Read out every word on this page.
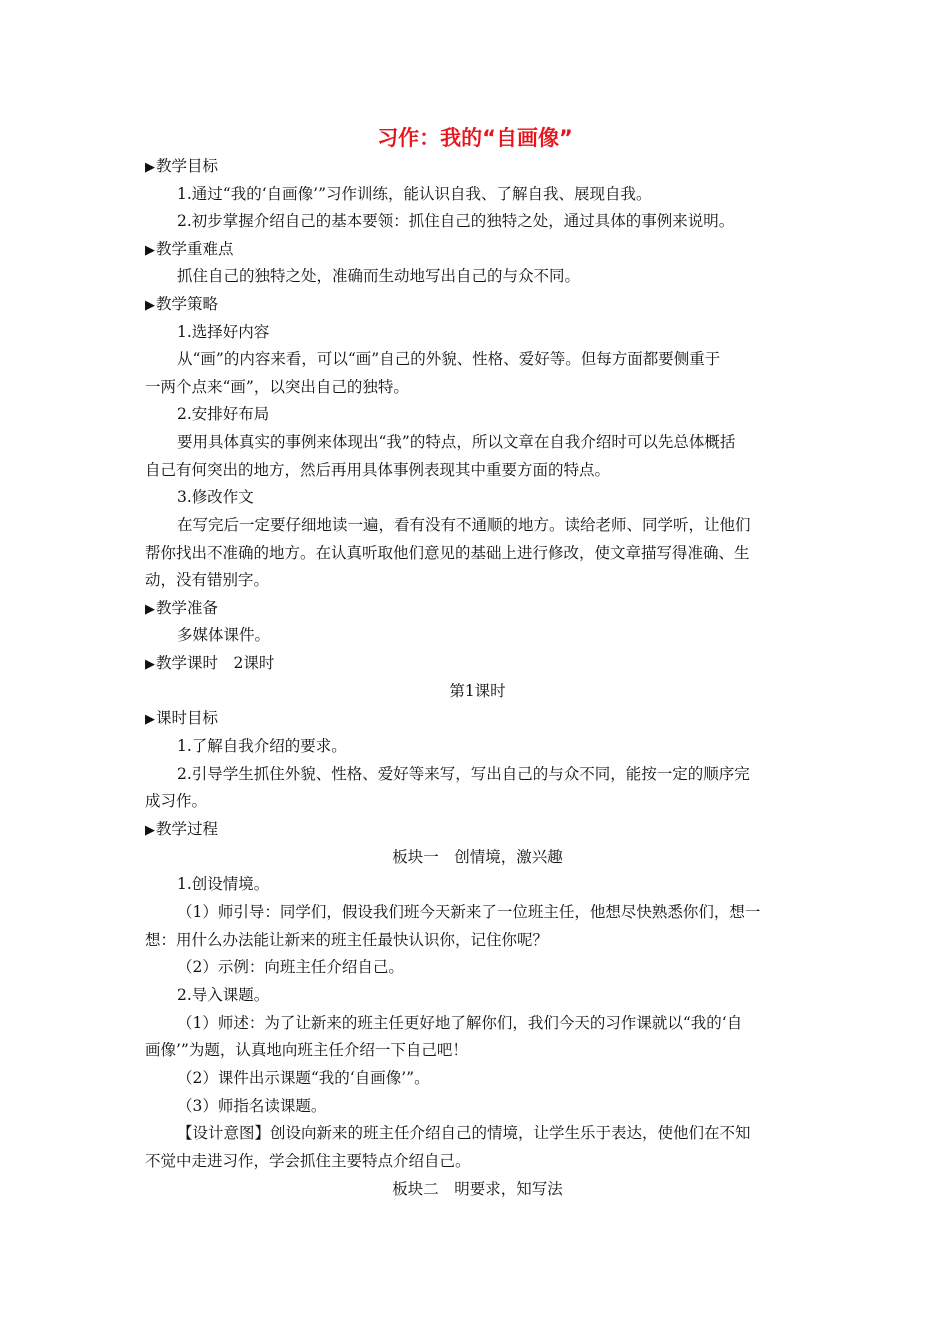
习作：我的“自画像”
▶ 教学目标
1.通过“我的‘自画像’”习作训练，能认识自我、了解自我、展现自我。
2.初步掌握介绍自己的基本要领：抓住自己的独特之处，通过具体的事例来说明。
▶ 教学重难点
抓住自己的独特之处，准确而生动地写出自己的与众不同。
▶ 教学策略
1.选择好内容
从“画”的内容来看，可以“画”自己的外貌、性格、爱好等。但每方面都要侧重于
一两个点来“画”，以突出自己的独特。
2.安排好布局
要用具体真实的事例来体现出“我”的特点，所以文章在自我介绍时可以先总体概括
自己有何突出的地方，然后再用具体事例表现其中重要方面的特点。
3.修改作文
在写完后一定要仔细地读一遍，看有没有不通顺的地方。读给老师、同学听，让他们
帮你找出不准确的地方。在认真听取他们意见的基础上进行修改，使文章描写得准确、生
动，没有错别字。
▶ 教学准备
多媒体课件。
▶ 教学课时　2课时
第1课时
▶ 课时目标
1.了解自我介绍的要求。
2.引导学生抓住外貌、性格、爱好等来写，写出自己的与众不同，能按一定的顺序完
成习作。
▶ 教学过程
板块一　创情境，激兴趣
1.创设情境。
（1）师引导：同学们，假设我们班今天新来了一位班主任，他想尽快熟悉你们，想一
想：用什么办法能让新来的班主任最快认识你，记住你呢？
（2）示例：向班主任介绍自己。
2.导入课题。
（1）师述：为了让新来的班主任更好地了解你们，我们今天的习作课就以“我的‘自
画像’”为题，认真地向班主任介绍一下自己吧！
（2）课件出示课题“我的‘自画像’”。
（3）师指名读课题。
【设计意图】创设向新来的班主任介绍自己的情境，让学生乐于表达，使他们在不知
不觉中走进习作，学会抓住主要特点介绍自己。
板块二　明要求，知写法
